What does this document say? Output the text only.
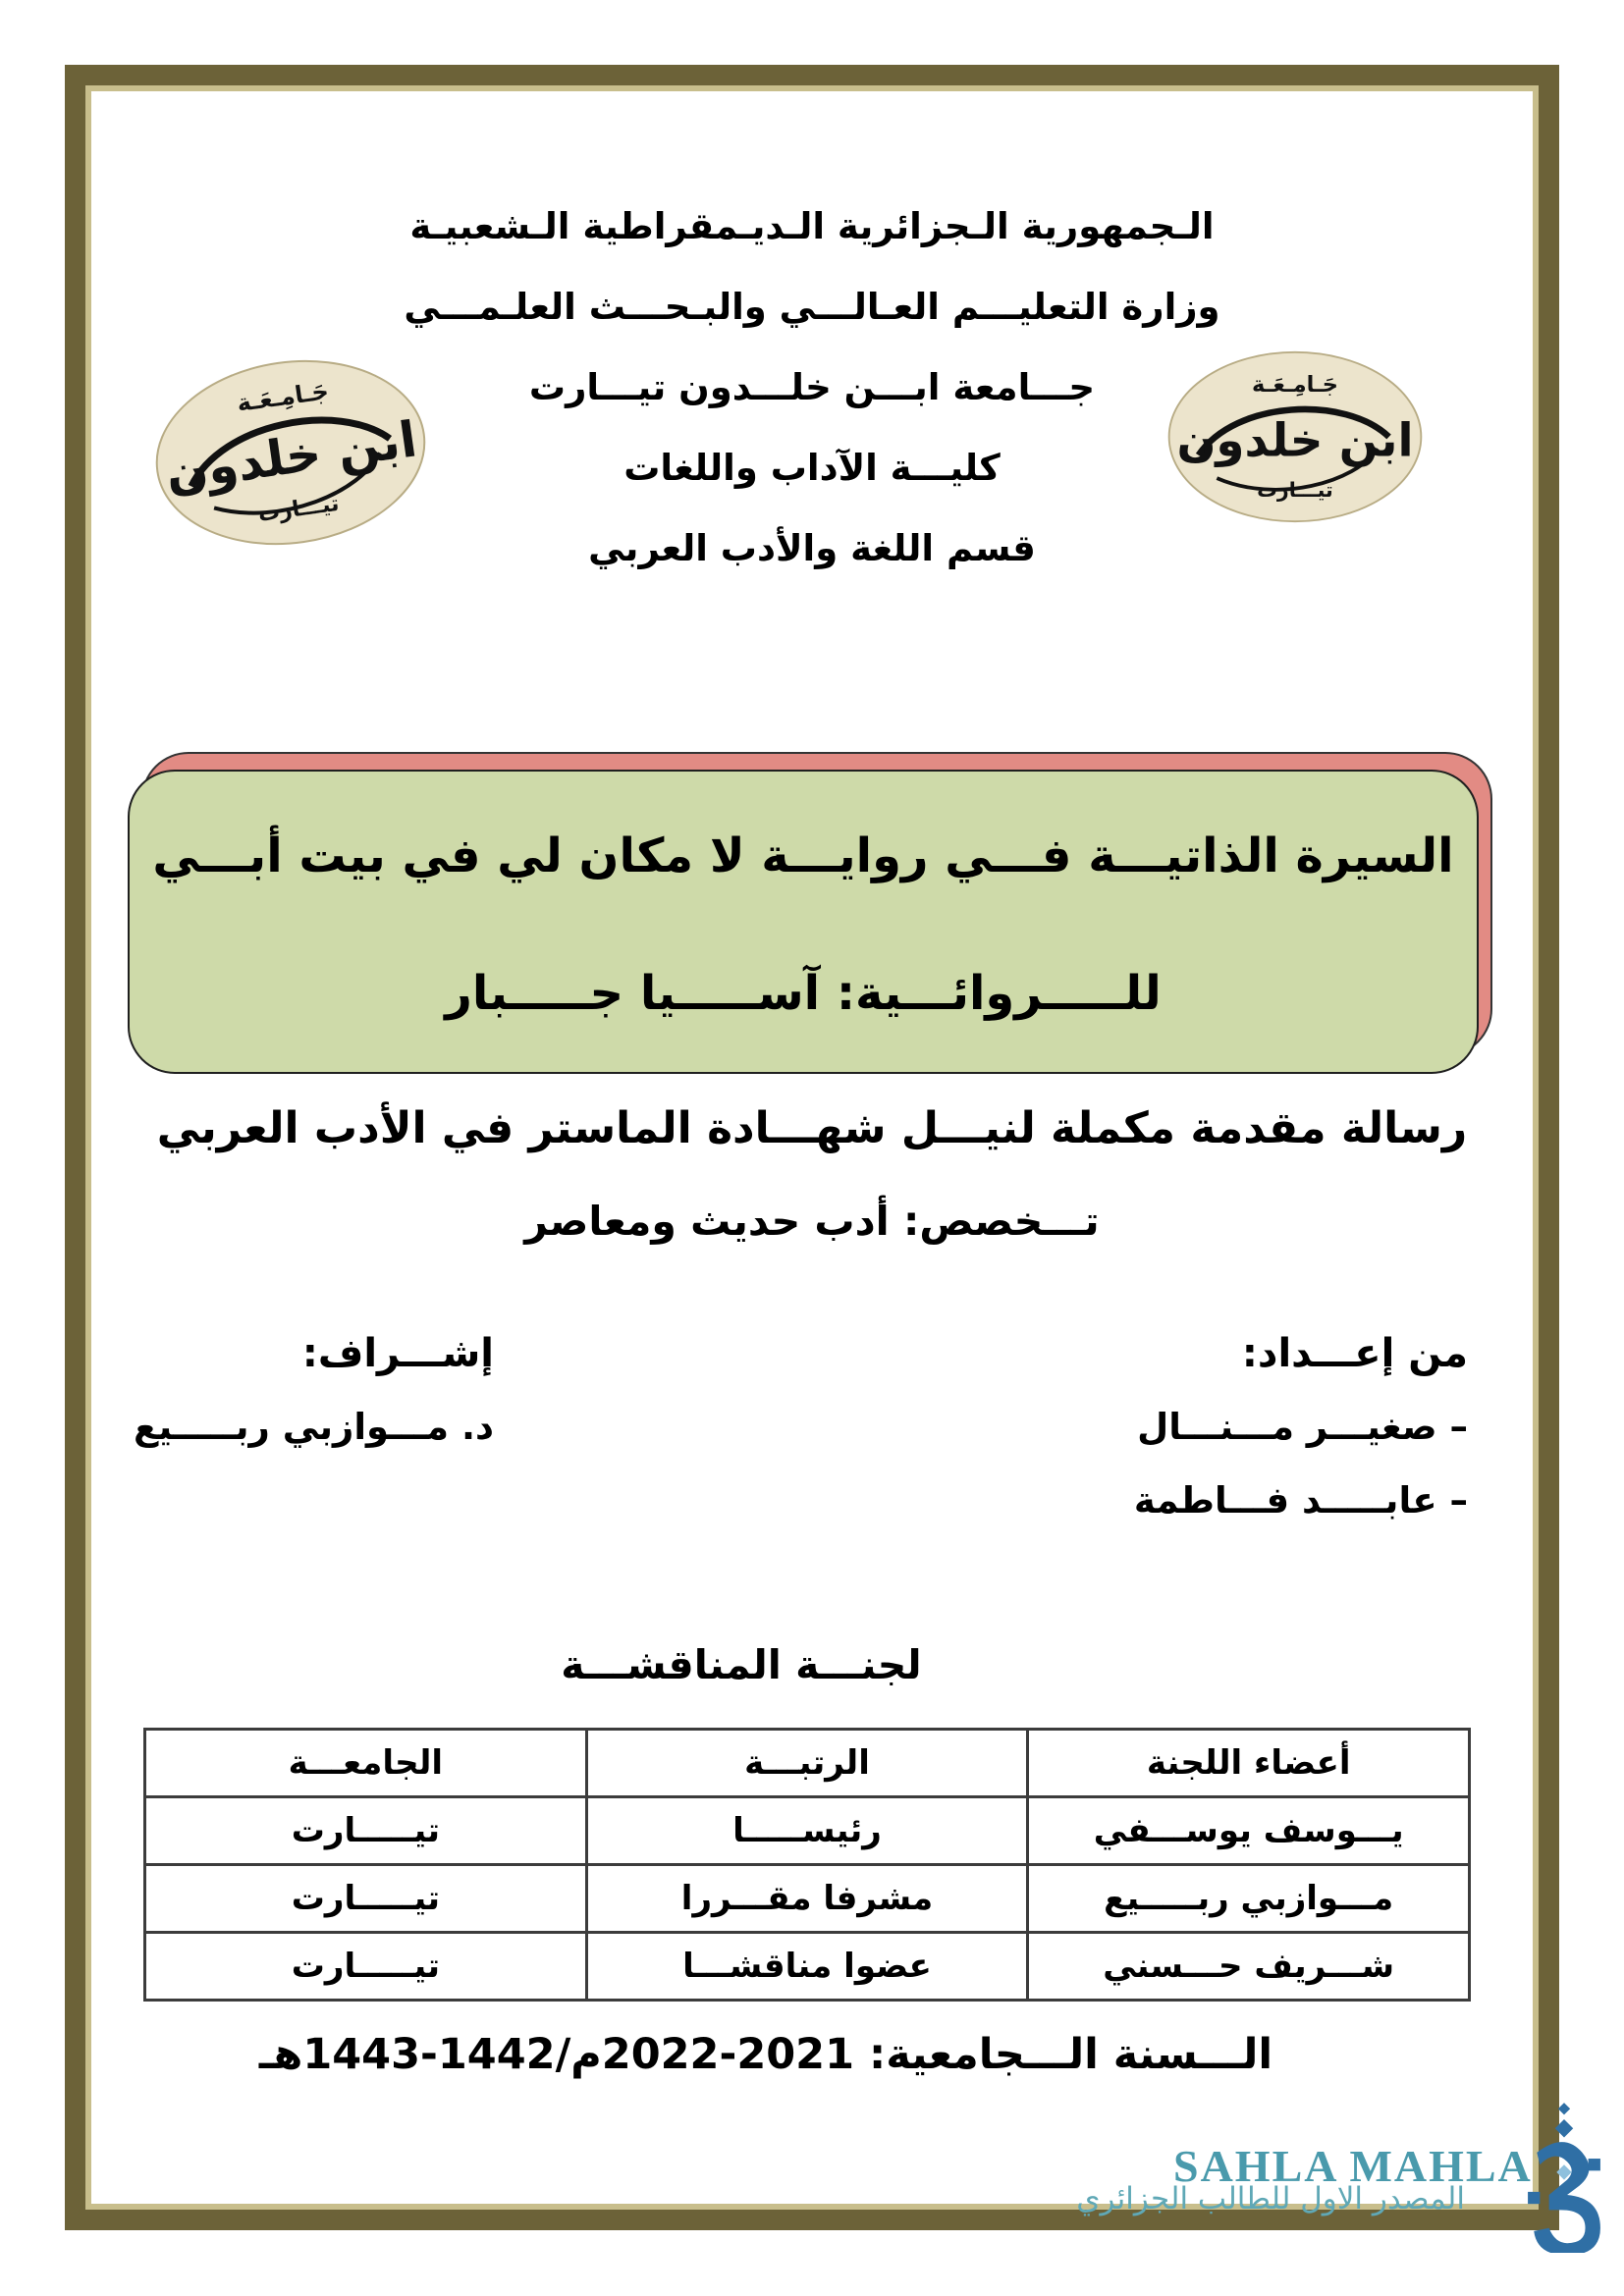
الـجمهورية الـجزائرية الـديـمقراطية الـشعبيـة
وزارة التعليـــم العـالـــي والبـحـــث العلـمـــي
جـــامعة ابـــن خلـــدون تيـــارت
كليـــة الآداب واللغات
قسم اللغة والأدب العربي
جَـامِـعَـة
ابن خلدون
تيـــارت
جَـامِـعَـة
ابن خلدون
تيـــارت
السيرة الذاتيـــة فـــي روايـــة لا مكان لي في بيت أبـــي
للـــــروائـــية: آســـــيا جـــــبار
رسالة مقدمة مكملة لنيـــل شهـــادة الماستر في الأدب العربي
تـــخصص: أدب حديث ومعاصر
من إعـــداد:
– صغيـــر مـــنـــال
– عابـــــد فـــاطمة
إشـــراف:
د. مـــوازبي ربـــــيع
لجنـــة المناقشـــة
أعضاء اللجنة	الرتبـــة	الجامعـــة
يـــوسف يوســـفي	رئيســـــا	تيـــــارت
مـــوازبي ربـــــيع	مشرفا مقـــررا	تيـــــارت
شـــريف حـــسني	عضوا مناقشـــا	تيـــــارت
الـــسنة الـــجامعية: 2021-2022م/1442-1443هـ
SAHLA MAHLA
المصدر الاول للطالب الجزائري
